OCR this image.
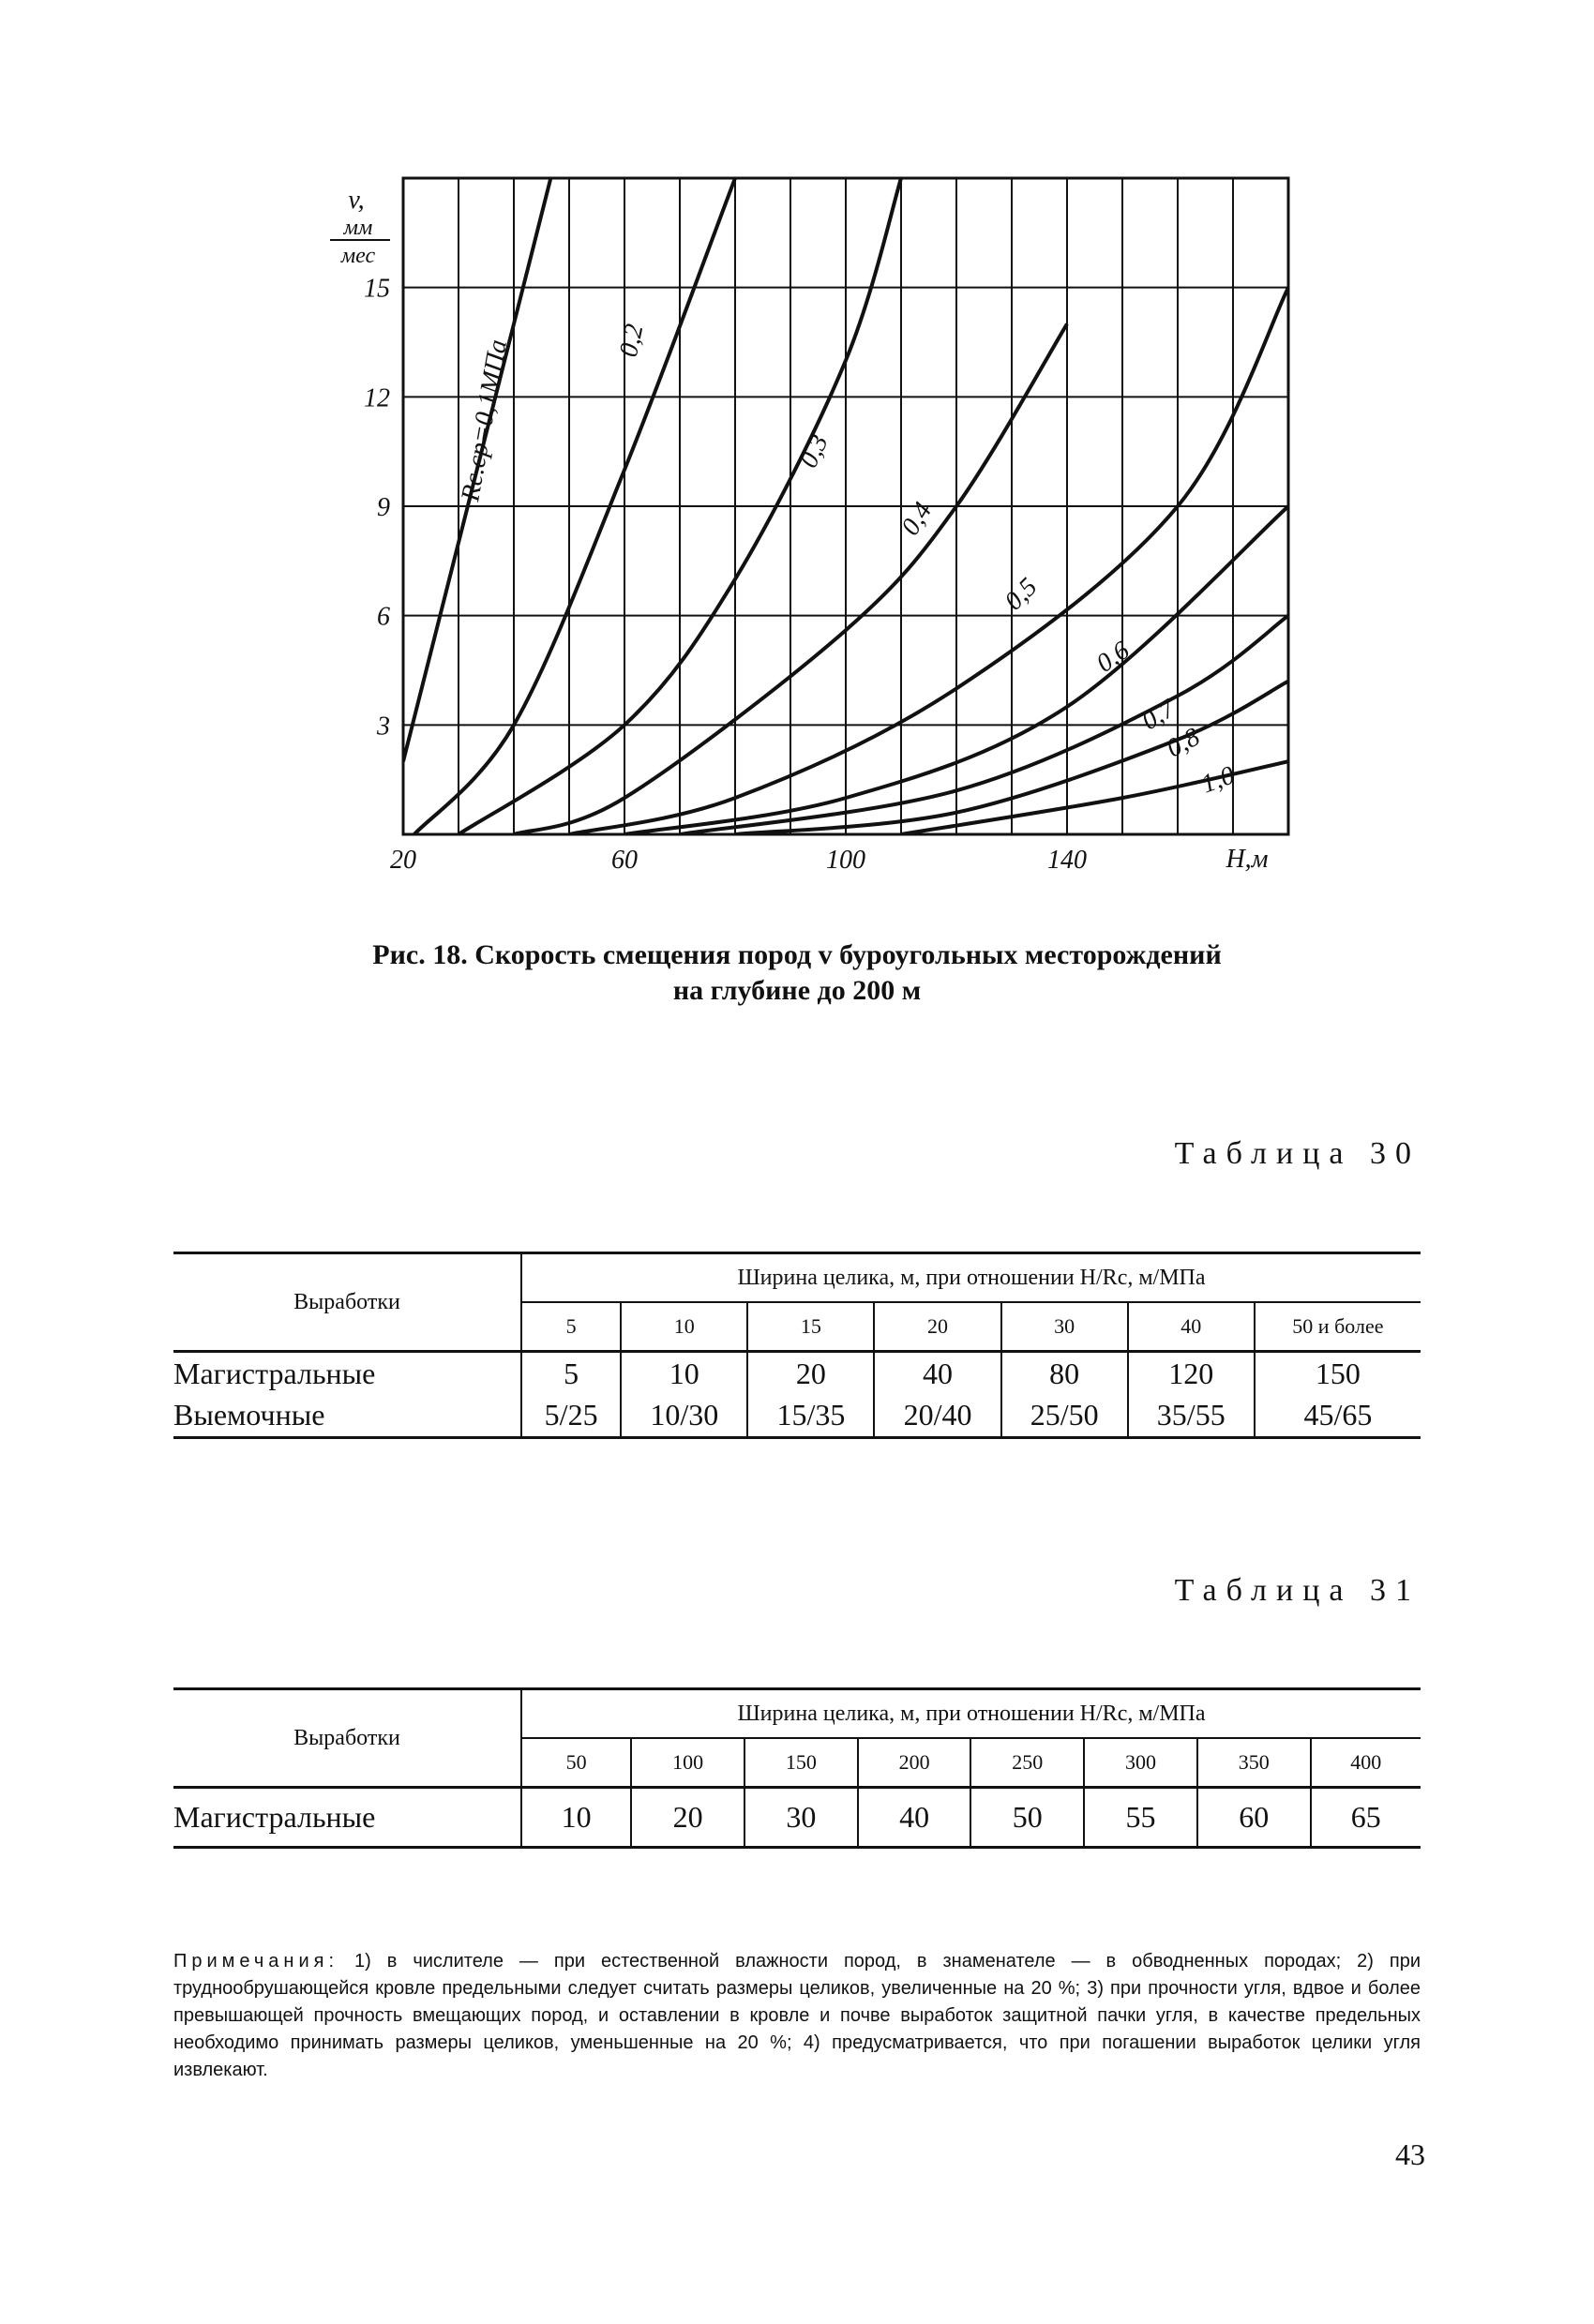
v,
мм
мес
3
6
9
12
15
20	60	100	140	H,м
Rc.cp=0,1МПа	0,2
0,3
0,4
0,5
0,6
0,7
0,8
1,0
Рис. 18. Скорость смещения пород v буроугольных месторождений
на глубине до 200 м
Таблица 30
Выработки	Ширина целика, м, при отношении H/Rc, м/МПа						
	5	10	15	20	30	40	50 и более
Магистральные	5	10	20	40	80	120	150
Выемочные	5/25	10/30	15/35	20/40	25/50	35/55	45/65
Таблица 31
Выработки	Ширина целика, м, при отношении H/Rc, м/МПа							
	50	100	150	200	250	300	350	400
Магистральные	10	20	30	40	50	55	60	65
Примечания: 1) в числителе — при естественной влажности пород, в знаменателе — в обводненных породах; 2) при труднообрушающейся кровле предельными следует считать размеры целиков, увеличенные на 20 %; 3) при прочности угля, вдвое и более превышающей прочность вмещающих пород, и оставлении в кровле и почве выработок защитной пачки угля, в качестве предельных необходимо принимать размеры целиков, уменьшенные на 20 %; 4) предусматривается, что при погашении выработок целики угля извлекают.
43
